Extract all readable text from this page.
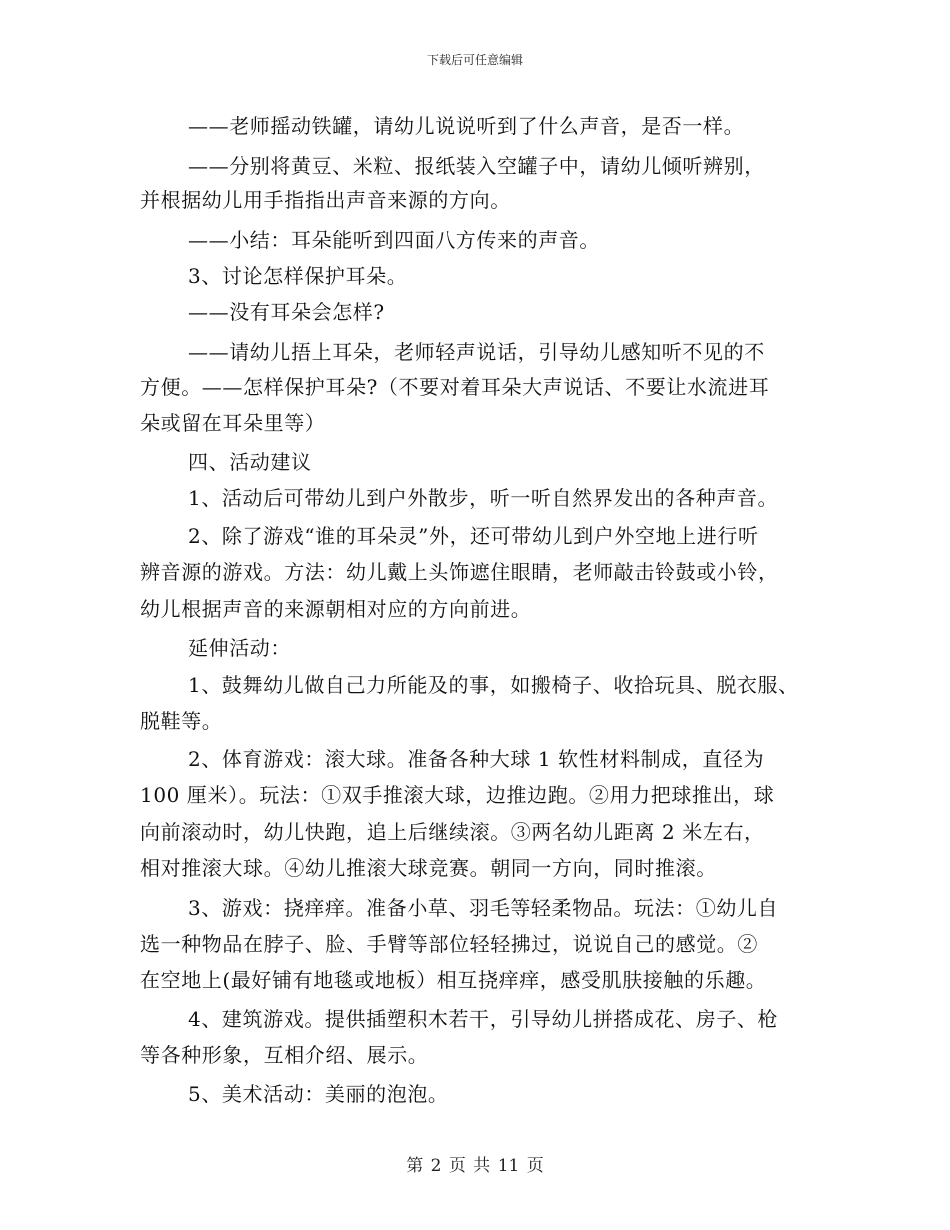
下载后可任意编辑
——老师摇动铁罐，请幼儿说说听到了什么声音，是否一样。
——分别将黄豆、米粒、报纸装入空罐子中，请幼儿倾听辨别，
并根据幼儿用手指指出声音来源的方向。
——小结：耳朵能听到四面八方传来的声音。
3、讨论怎样保护耳朵。
——没有耳朵会怎样?
——请幼儿捂上耳朵，老师轻声说话，引导幼儿感知听不见的不
方便。——怎样保护耳朵?（不要对着耳朵大声说话、不要让水流进耳
朵或留在耳朵里等）
四、活动建议
1、活动后可带幼儿到户外散步，听一听自然界发出的各种声音。
2、除了游戏“谁的耳朵灵”外，还可带幼儿到户外空地上进行听
辨音源的游戏。方法：幼儿戴上头饰遮住眼睛，老师敲击铃鼓或小铃，
幼儿根据声音的来源朝相对应的方向前进。
延伸活动：
1、鼓舞幼儿做自己力所能及的事，如搬椅子、收拾玩具、脱衣服、
脱鞋等。
2、体育游戏：滚大球。准备各种大球 1 软性材料制成，直径为
100 厘米）。玩法：①双手推滚大球，边推边跑。②用力把球推出，球
向前滚动时，幼儿快跑，追上后继续滚。③两名幼儿距离 2 米左右，
相对推滚大球。④幼儿推滚大球竞赛。朝同一方向，同时推滚。
3、游戏：挠痒痒。准备小草、羽毛等轻柔物品。玩法：①幼儿自
选一种物品在脖子、脸、手臂等部位轻轻拂过，说说自己的感觉。②
在空地上(最好铺有地毯或地板）相互挠痒痒，感受肌肤接触的乐趣。
4、建筑游戏。提供插塑积木若干，引导幼儿拼搭成花、房子、枪
等各种形象，互相介绍、展示。
5、美术活动：美丽的泡泡。
第 2 页 共 11 页
